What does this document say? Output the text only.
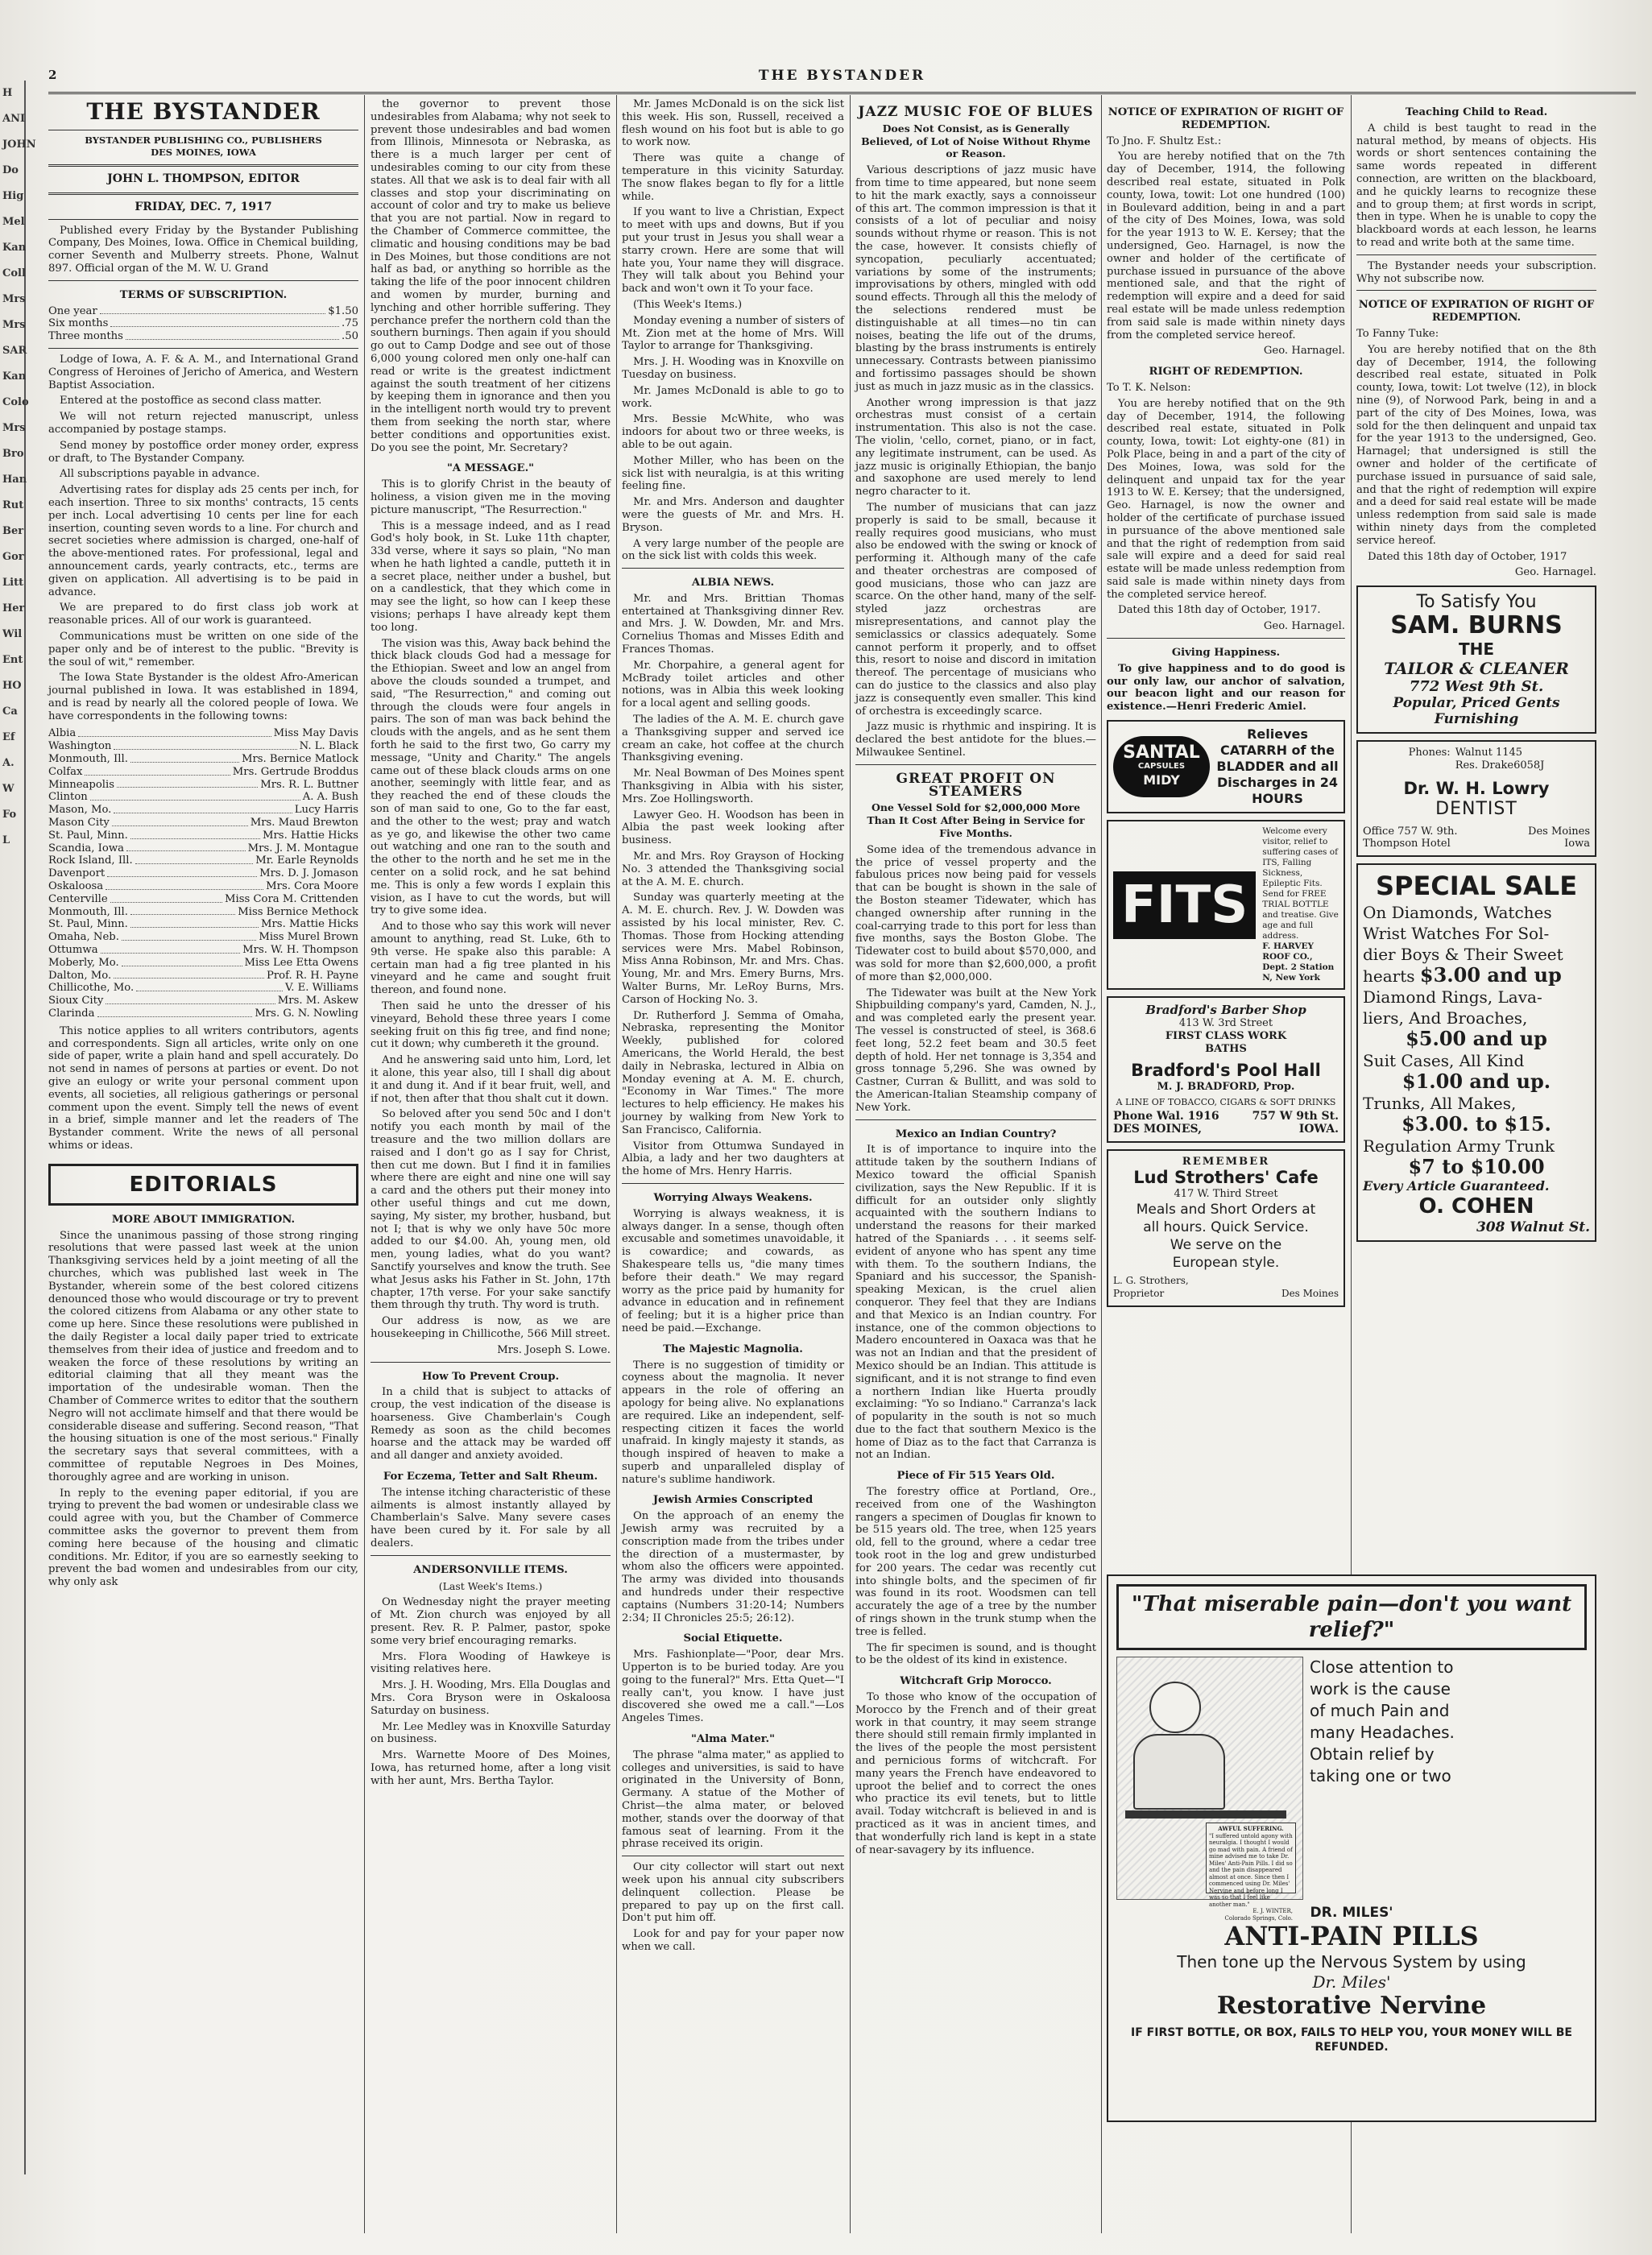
H
ANI
JOHN
Do
Hig
Mel
Kan
Coll
Mrs
Mrs
SAR
Kan
Colo
Mrs
Bro
Han
Rut
Ber
Gor
Litt
Her
Wil
Ent
HO
Ca
Ef
A.
W
Fo
L
2	THE BYSTANDER
THE BYSTANDER
BYSTANDER PUBLISHING CO., PUBLISHERS
DES MOINES, IOWA
JOHN L. THOMPSON, EDITOR
FRIDAY, DEC. 7, 1917

Published every Friday by the Bystander Publishing Company, Des Moines, Iowa. Office in Chemical building, corner Seventh and Mulberry streets. Phone, Walnut 897. Official organ of the M. W. U. Grand

TERMS OF SUBSCRIPTION.
One year	$1.50
Six months	.75
Three months	.50

Lodge of Iowa, A. F. & A. M., and International Grand Congress of Heroines of Jericho of America, and Western Baptist Association.

Entered at the postoffice as second class matter.

We will not return rejected manuscript, unless accompanied by postage stamps.

Send money by postoffice order money order, express or draft, to The Bystander Company.

All subscriptions payable in advance.

Advertising rates for display ads 25 cents per inch, for each insertion. Three to six months' contracts, 15 cents per inch. Local advertising 10 cents per line for each insertion, counting seven words to a line. For church and secret societies where admission is charged, one-half of the above-mentioned rates. For professional, legal and announcement cards, yearly contracts, etc., terms are given on application. All advertising is to be paid in advance.

We are prepared to do first class job work at reasonable prices. All of our work is guaranteed.

Communications must be written on one side of the paper only and be of interest to the public. "Brevity is the soul of wit," remember.

The Iowa State Bystander is the oldest Afro-American journal published in Iowa. It was established in 1894, and is read by nearly all the colored people of Iowa. We have correspondents in the following towns:

Albia	Miss May Davis
Washington	N. L. Black
Monmouth, Ill.	Mrs. Bernice Matlock
Colfax	Mrs. Gertrude Broddus
Minneapolis	Mrs. R. L. Buttner
Clinton	A. A. Bush
Mason, Mo.	Lucy Harris
Mason City	Mrs. Maud Brewton
St. Paul, Minn.	Mrs. Hattie Hicks
Scandia, Iowa	Mrs. J. M. Montague
Rock Island, Ill.	Mr. Earle Reynolds
Davenport	Mrs. D. J. Jomason
Oskaloosa	Mrs. Cora Moore
Centerville	Miss Cora M. Crittenden
Monmouth, Ill.	Miss Bernice Methock
St. Paul, Minn.	Mrs. Mattie Hicks
Omaha, Neb.	Miss Murel Brown
Ottumwa	Mrs. W. H. Thompson
Moberly, Mo.	Miss Lee Etta Owens
Dalton, Mo.	Prof. R. H. Payne
Chillicothe, Mo.	V. E. Williams
Sioux City	Mrs. M. Askew
Clarinda	Mrs. G. N. Nowling

This notice applies to all writers contributors, agents and correspondents. Sign all articles, write only on one side of paper, write a plain hand and spell accurately. Do not send in names of persons at parties or event. Do not give an eulogy or write your personal comment upon events, all societies, all religious gatherings or personal comment upon the event. Simply tell the news of event in a brief, simple manner and let the readers of The Bystander comment. Write the news of all personal whims or ideas.

EDITORIALS
MORE ABOUT IMMIGRATION.

Since the unanimous passing of those strong ringing resolutions that were passed last week at the union Thanksgiving services held by a joint meeting of all the churches, which was published last week in The Bystander, wherein some of the best colored citizens denounced those who would discourage or try to prevent the colored citizens from Alabama or any other state to come up here. Since these resolutions were published in the daily Register a local daily paper tried to extricate themselves from their idea of justice and freedom and to weaken the force of these resolutions by writing an editorial claiming that all they meant was the importation of the undesirable woman. Then the Chamber of Commerce writes to editor that the southern Negro will not acclimate himself and that there would be considerable disease and suffering. Second reason, "That the housing situation is one of the most serious." Finally the secretary says that several committees, with a committee of reputable Negroes in Des Moines, thoroughly agree and are working in unison.

In reply to the evening paper editorial, if you are trying to prevent the bad women or undesirable class we could agree with you, but the Chamber of Commerce committee asks the governor to prevent them from coming here because of the housing and climatic conditions. Mr. Editor, if you are so earnestly seeking to prevent the bad women and undesirables from our city, why only ask

the governor to prevent those undesirables from Alabama; why not seek to prevent those undesirables and bad women from Illinois, Minnesota or Nebraska, as there is a much larger per cent of undesirables coming to our city from these states. All that we ask is to deal fair with all classes and stop your discriminating on account of color and try to make us believe that you are not partial. Now in regard to the Chamber of Commerce committee, the climatic and housing conditions may be bad in Des Moines, but those conditions are not half as bad, or anything so horrible as the taking the life of the poor innocent children and women by murder, burning and lynching and other horrible suffering. They perchance prefer the northern cold than the southern burnings. Then again if you should go out to Camp Dodge and see out of those 6,000 young colored men only one-half can read or write is the greatest indictment against the south treatment of her citizens by keeping them in ignorance and then you in the intelligent north would try to prevent them from seeking the north star, where better conditions and opportunities exist. Do you see the point, Mr. Secretary?

"A MESSAGE."

This is to glorify Christ in the beauty of holiness, a vision given me in the moving picture manuscript, "The Resurrection."

This is a message indeed, and as I read God's holy book, in St. Luke 11th chapter, 33d verse, where it says so plain, "No man when he hath lighted a candle, putteth it in a secret place, neither under a bushel, but on a candlestick, that they which come in may see the light, so how can I keep these visions; perhaps I have already kept them too long.

The vision was this, Away back behind the thick black clouds God had a message for the Ethiopian. Sweet and low an angel from above the clouds sounded a trumpet, and said, "The Resurrection," and coming out through the clouds were four angels in pairs. The son of man was back behind the clouds with the angels, and as he sent them forth he said to the first two, Go carry my message, "Unity and Charity." The angels came out of these black clouds arms on one another, seemingly with little fear, and as they reached the end of these clouds the son of man said to one, Go to the far east, and the other to the west; pray and watch as ye go, and likewise the other two came out watching and one ran to the south and the other to the north and he set me in the center on a solid rock, and he sat behind me. This is only a few words I explain this vision, as I have to cut the words, but will try to give some idea.

And to those who say this work will never amount to anything, read St. Luke, 6th to 9th verse. He spake also this parable: A certain man had a fig tree planted in his vineyard and he came and sought fruit thereon, and found none.

Then said he unto the dresser of his vineyard, Behold these three years I come seeking fruit on this fig tree, and find none; cut it down; why cumbereth it the ground.

And he answering said unto him, Lord, let it alone, this year also, till I shall dig about it and dung it. And if it bear fruit, well, and if not, then after that thou shalt cut it down.

So beloved after you send 50c and I don't notify you each month by mail of the treasure and the two million dollars are raised and I don't go as I say for Christ, then cut me down. But I find it in families where there are eight and nine one will say a card and the others put their money into other useful things and cut me down, saying, My sister, my brother, husband, but not I; that is why we only have 50c more added to our $4.00. Ah, young men, old men, young ladies, what do you want? Sanctify yourselves and know the truth. See what Jesus asks his Father in St. John, 17th chapter, 17th verse. For your sake sanctify them through thy truth. Thy word is truth.

Our address is now, as we are housekeeping in Chillicothe, 566 Mill street.

Mrs. Joseph S. Lowe.
How To Prevent Croup.

In a child that is subject to attacks of croup, the vest indication of the disease is hoarseness. Give Chamberlain's Cough Remedy as soon as the child becomes hoarse and the attack may be warded off and all danger and anxiety avoided.

For Eczema, Tetter and Salt Rheum.

The intense itching characteristic of these ailments is almost instantly allayed by Chamberlain's Salve. Many severe cases have been cured by it. For sale by all dealers.

ANDERSONVILLE ITEMS.
(Last Week's Items.)

On Wednesday night the prayer meeting of Mt. Zion church was enjoyed by all present. Rev. R. P. Palmer, pastor, spoke some very brief encouraging remarks.

Mrs. Flora Wooding of Hawkeye is visiting relatives here.

Mrs. J. H. Wooding, Mrs. Ella Douglas and Mrs. Cora Bryson were in Oskaloosa Saturday on business.

Mr. Lee Medley was in Knoxville Saturday on business.

Mrs. Warnette Moore of Des Moines, Iowa, has returned home, after a long visit with her aunt, Mrs. Bertha Taylor.

Mr. James McDonald is on the sick list this week. His son, Russell, received a flesh wound on his foot but is able to go to work now.

There was quite a change of temperature in this vicinity Saturday. The snow flakes began to fly for a little while.

If you want to live a Christian, Expect to meet with ups and downs, But if you put your trust in Jesus you shall wear a starry crown. Here are some that will hate you, Your name they will disgrace. They will talk about you Behind your back and won't own it To your face.

(This Week's Items.)

Monday evening a number of sisters of Mt. Zion met at the home of Mrs. Will Taylor to arrange for Thanksgiving.

Mrs. J. H. Wooding was in Knoxville on Tuesday on business.

Mr. James McDonald is able to go to work.

Mrs. Bessie McWhite, who was indoors for about two or three weeks, is able to be out again.

Mother Miller, who has been on the sick list with neuralgia, is at this writing feeling fine.

Mr. and Mrs. Anderson and daughter were the guests of Mr. and Mrs. H. Bryson.

A very large number of the people are on the sick list with colds this week.

ALBIA NEWS.

Mr. and Mrs. Brittian Thomas entertained at Thanksgiving dinner Rev. and Mrs. J. W. Dowden, Mr. and Mrs. Cornelius Thomas and Misses Edith and Frances Thomas.

Mr. Chorpahire, a general agent for McBrady toilet articles and other notions, was in Albia this week looking for a local agent and selling goods.

The ladies of the A. M. E. church gave a Thanksgiving supper and served ice cream an cake, hot coffee at the church Thanksgiving evening.

Mr. Neal Bowman of Des Moines spent Thanksgiving in Albia with his sister, Mrs. Zoe Hollingsworth.

Lawyer Geo. H. Woodson has been in Albia the past week looking after business.

Mr. and Mrs. Roy Grayson of Hocking No. 3 attended the Thanksgiving social at the A. M. E. church.

Sunday was quarterly meeting at the A. M. E. church. Rev. J. W. Dowden was assisted by his local minister, Rev. C. Thomas. Those from Hocking attending services were Mrs. Mabel Robinson, Miss Anna Robinson, Mr. and Mrs. Chas. Young, Mr. and Mrs. Emery Burns, Mrs. Walter Burns, Mr. LeRoy Burns, Mrs. Carson of Hocking No. 3.

Dr. Rutherford J. Semma of Omaha, Nebraska, representing the Monitor Weekly, published for colored Americans, the World Herald, the best daily in Nebraska, lectured in Albia on Monday evening at A. M. E. church, "Economy in War Times." The more lectures to help efficiency. He makes his journey by walking from New York to San Francisco, California.

Visitor from Ottumwa Sundayed in Albia, a lady and her two daughters at the home of Mrs. Henry Harris.

Worrying Always Weakens.

Worrying is always weakness, it is always danger. In a sense, though often excusable and sometimes unavoidable, it is cowardice; and cowards, as Shakespeare tells us, "die many times before their death." We may regard worry as the price paid by humanity for advance in education and in refinement of feeling; but it is a higher price than need be paid.—Exchange.

The Majestic Magnolia.

There is no suggestion of timidity or coyness about the magnolia. It never appears in the role of offering an apology for being alive. No explanations are required. Like an independent, self-respecting citizen it faces the world unafraid. In kingly majesty it stands, as though inspired of heaven to make a superb and unparalleled display of nature's sublime handiwork.

Jewish Armies Conscripted

On the approach of an enemy the Jewish army was recruited by a conscription made from the tribes under the direction of a mustermaster, by whom also the officers were appointed. The army was divided into thousands and hundreds under their respective captains (Numbers 31:20-14; Numbers 2:34; II Chronicles 25:5; 26:12).

Social Etiquette.

Mrs. Fashionplate—"Poor, dear Mrs. Upperton is to be buried today. Are you going to the funeral?" Mrs. Etta Quet—"I really can't, you know. I have just discovered she owed me a call."—Los Angeles Times.

"Alma Mater."

The phrase "alma mater," as applied to colleges and universities, is said to have originated in the University of Bonn, Germany. A statue of the Mother of Christ—the alma mater, or beloved mother, stands over the doorway of that famous seat of learning. From it the phrase received its origin.

Our city collector will start out next week upon his annual city subscribers delinquent collection. Please be prepared to pay up on the first call. Don't put him off.

Look for and pay for your paper now when we call.

JAZZ MUSIC FOE OF BLUES
Does Not Consist, as is Generally Believed, of Lot of Noise Without Rhyme or Reason.

Various descriptions of jazz music have from time to time appeared, but none seem to hit the mark exactly, says a connoisseur of this art. The common impression is that it consists of a lot of peculiar and noisy sounds without rhyme or reason. This is not the case, however. It consists chiefly of syncopation, peculiarly accentuated; variations by some of the instruments; improvisations by others, mingled with odd sound effects. Through all this the melody of the selections rendered must be distinguishable at all times—no tin can noises, beating the life out of the drums, blasting by the brass instruments is entirely unnecessary. Contrasts between pianissimo and fortissimo passages should be shown just as much in jazz music as in the classics.

Another wrong impression is that jazz orchestras must consist of a certain instrumentation. This also is not the case. The violin, 'cello, cornet, piano, or in fact, any legitimate instrument, can be used. As jazz music is originally Ethiopian, the banjo and saxophone are used merely to lend negro character to it.

The number of musicians that can jazz properly is said to be small, because it really requires good musicians, who must also be endowed with the swing or knock of performing it. Although many of the cafe and theater orchestras are composed of good musicians, those who can jazz are scarce. On the other hand, many of the self-styled jazz orchestras are misrepresentations, and cannot play the semiclassics or classics adequately. Some cannot perform it properly, and to offset this, resort to noise and discord in imitation thereof. The percentage of musicians who can do justice to the classics and also play jazz is consequently even smaller. This kind of orchestra is exceedingly scarce.

Jazz music is rhythmic and inspiring. It is declared the best antidote for the blues.—Milwaukee Sentinel.

GREAT PROFIT ON STEAMERS
One Vessel Sold for $2,000,000 More Than It Cost After Being in Service for Five Months.

Some idea of the tremendous advance in the price of vessel property and the fabulous prices now being paid for vessels that can be bought is shown in the sale of the Boston steamer Tidewater, which has changed ownership after running in the coal-carrying trade to this port for less than five months, says the Boston Globe. The Tidewater cost to build about $570,000, and was sold for more than $2,600,000, a profit of more than $2,000,000.

The Tidewater was built at the New York Shipbuilding company's yard, Camden, N. J., and was completed early the present year. The vessel is constructed of steel, is 368.6 feet long, 52.2 feet beam and 30.5 feet depth of hold. Her net tonnage is 3,354 and gross tonnage 5,296. She was owned by Castner, Curran & Bullitt, and was sold to the American-Italian Steamship company of New York.

Mexico an Indian Country?

It is of importance to inquire into the attitude taken by the southern Indians of Mexico toward the official Spanish civilization, says the New Republic. If it is difficult for an outsider only slightly acquainted with the southern Indians to understand the reasons for their marked hatred of the Spaniards . . . it seems self-evident of anyone who has spent any time with them. To the southern Indians, the Spaniard and his successor, the Spanish-speaking Mexican, is the cruel alien conqueror. They feel that they are Indians and that Mexico is an Indian country. For instance, one of the common objections to Madero encountered in Oaxaca was that he was not an Indian and that the president of Mexico should be an Indian. This attitude is significant, and it is not strange to find even a northern Indian like Huerta proudly exclaiming: "Yo so Indiano." Carranza's lack of popularity in the south is not so much due to the fact that southern Mexico is the home of Diaz as to the fact that Carranza is not an Indian.

Piece of Fir 515 Years Old.

The forestry office at Portland, Ore., received from one of the Washington rangers a specimen of Douglas fir known to be 515 years old. The tree, when 125 years old, fell to the ground, where a cedar tree took root in the log and grew undisturbed for 200 years. The cedar was recently cut into shingle bolts, and the specimen of fir was found in its root. Woodsmen can tell accurately the age of a tree by the number of rings shown in the trunk stump when the tree is felled.

The fir specimen is sound, and is thought to be the oldest of its kind in existence.

Witchcraft Grip Morocco.

To those who know of the occupation of Morocco by the French and of their great work in that country, it may seem strange there should still remain firmly implanted in the lives of the people the most persistent and pernicious forms of witchcraft. For many years the French have endeavored to uproot the belief and to correct the ones who practice its evil tenets, but to little avail. Today witchcraft is believed in and is practiced as it was in ancient times, and that wonderfully rich land is kept in a state of near-savagery by its influence.

NOTICE OF EXPIRATION OF RIGHT OF REDEMPTION.

To Jno. F. Shultz Est.:

You are hereby notified that on the 7th day of December, 1914, the following described real estate, situated in Polk county, Iowa, towit: Lot one hundred (100) in Boulevard addition, being in and a part of the city of Des Moines, Iowa, was sold for the year 1913 to W. E. Kersey; that the undersigned, Geo. Harnagel, is now the owner and holder of the certificate of purchase issued in pursuance of the above mentioned sale, and that the right of redemption will expire and a deed for said real estate will be made unless redemption from said sale is made within ninety days from the completed service hereof.

Geo. Harnagel.
RIGHT OF REDEMPTION.

To T. K. Nelson:

You are hereby notified that on the 9th day of December, 1914, the following described real estate, situated in Polk county, Iowa, towit: Lot eighty-one (81) in Polk Place, being in and a part of the city of Des Moines, Iowa, was sold for the delinquent and unpaid tax for the year 1913 to W. E. Kersey; that the undersigned, Geo. Harnagel, is now the owner and holder of the certificate of purchase issued in pursuance of the above mentioned sale and that the right of redemption from said sale will expire and a deed for said real estate will be made unless redemption from said sale is made within ninety days from the completed service hereof.

Dated this 18th day of October, 1917.

Geo. Harnagel.
Giving Happiness.

To give happiness and to do good is our only law, our anchor of salvation, our beacon light and our reason for existence.—Henri Frederic Amiel.

SANTAL
CAPSULES
MIDY
Relieves CATARRH of the BLADDER and all Discharges in 24 HOURS
FITS
Welcome every visitor, relief to suffering cases of ITS, Falling Sickness, Epileptic Fits. Send for FREE TRIAL BOTTLE and treatise. Give age and full address.
F. HARVEY ROOF CO., Dept. 2 Station N, New York
Bradford's Barber Shop
413 W. 3rd Street
FIRST CLASS WORK
BATHS
Bradford's Pool Hall
M. J. BRADFORD, Prop.
A LINE OF TOBACCO, CIGARS & SOFT DRINKS
Phone Wal. 1916	757 W 9th St.
DES MOINES,	IOWA.
REMEMBER
Lud Strothers' Cafe
417 W. Third Street
Meals and Short Orders at
all hours. Quick Service.
We serve on the
European style.
L. G. Strothers,
Proprietor	Des Moines
"That miserable pain—don't you want relief?"
AWFUL SUFFERING.
"I suffered untold agony with neuralgia. I thought I would go mad with pain. A friend of mine advised me to take Dr. Miles' Anti-Pain Pills. I did so and the pain disappeared almost at once. Since then I commenced using Dr. Miles' Nervine and before long I was so that I feel like another man."
E. J. WINTER,
Colorado Springs, Colo.
Close attention to
work is the cause
of much Pain and
many Headaches.
Obtain relief by
taking one or two
DR. MILES'
ANTI-PAIN PILLS
Then tone up the Nervous System by using
Dr. Miles'
Restorative Nervine
IF FIRST BOTTLE, OR BOX, FAILS TO HELP YOU, YOUR MONEY WILL BE REFUNDED.
Teaching Child to Read.

A child is best taught to read in the natural method, by means of objects. His words or short sentences containing the same words repeated in different connection, are written on the blackboard, and he quickly learns to recognize these and to group them; at first words in script, then in type. When he is unable to copy the blackboard words at each lesson, he learns to read and write both at the same time.

The Bystander needs your subscription. Why not subscribe now.

NOTICE OF EXPIRATION OF RIGHT OF REDEMPTION.

To Fanny Tuke:

You are hereby notified that on the 8th day of December, 1914, the following described real estate, situated in Polk county, Iowa, towit: Lot twelve (12), in block nine (9), of Norwood Park, being in and a part of the city of Des Moines, Iowa, was sold for the then delinquent and unpaid tax for the year 1913 to the undersigned, Geo. Harnagel; that undersigned is still the owner and holder of the certificate of purchase issued in pursuance of said sale, and that the right of redemption will expire and a deed for said real estate will be made unless redemption from said sale is made within ninety days from the completed service hereof.

Dated this 18th day of October, 1917

Geo. Harnagel.
To Satisfy You
SAM. BURNS
THE
TAILOR & CLEANER
772 West 9th St.
Popular, Priced Gents Furnishing
Phones: Walnut 1145
Res. Drake6058J
Dr. W. H. Lowry
DENTIST
Office 757 W. 9th.	Des Moines
Thompson Hotel	Iowa
SPECIAL SALE
On Diamonds, Watches
Wrist Watches For Sol-
dier Boys & Their Sweet
hearts $3.00 and up
Diamond Rings, Lava-
liers, And Broaches,
$5.00 and up
Suit Cases, All Kind
$1.00 and up.
Trunks, All Makes,
$3.00. to $15.
Regulation Army Trunk
$7 to $10.00
Every Article Guaranteed.
O. COHEN
308 Walnut St.
